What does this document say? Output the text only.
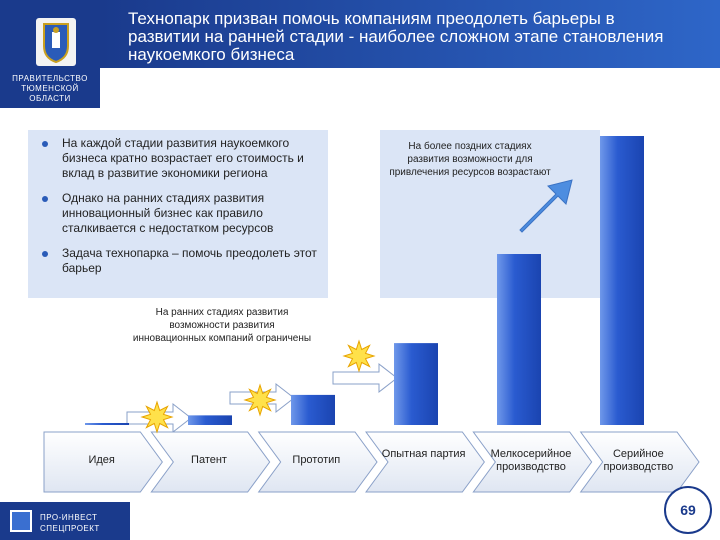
Технопарк призван помочь компаниям преодолеть барьеры в развитии на ранней стадии - наиболее сложном этапе становления наукоемкого бизнеса
ПРАВИТЕЛЬСТВО ТЮМЕНСКОЙ ОБЛАСТИ
На каждой стадии развития наукоемкого бизнеса кратно возрастает его стоимость и вклад в развитие экономики региона
Однако на ранних стадиях развития инновационный бизнес как правило сталкивается с недостатком ресурсов
Задача технопарка – помочь преодолеть этот барьер
На более поздних стадиях развития возможности для привлечения ресурсов возрастают
На ранних стадиях развития возможности развития инновационных компаний ограничены
Идея	Патент	Прототип	Опытная партия	Мелкосерийное производство
Серийное производство
ПРО-ИНВЕСТ СПЕЦПРОЕКТ
69
